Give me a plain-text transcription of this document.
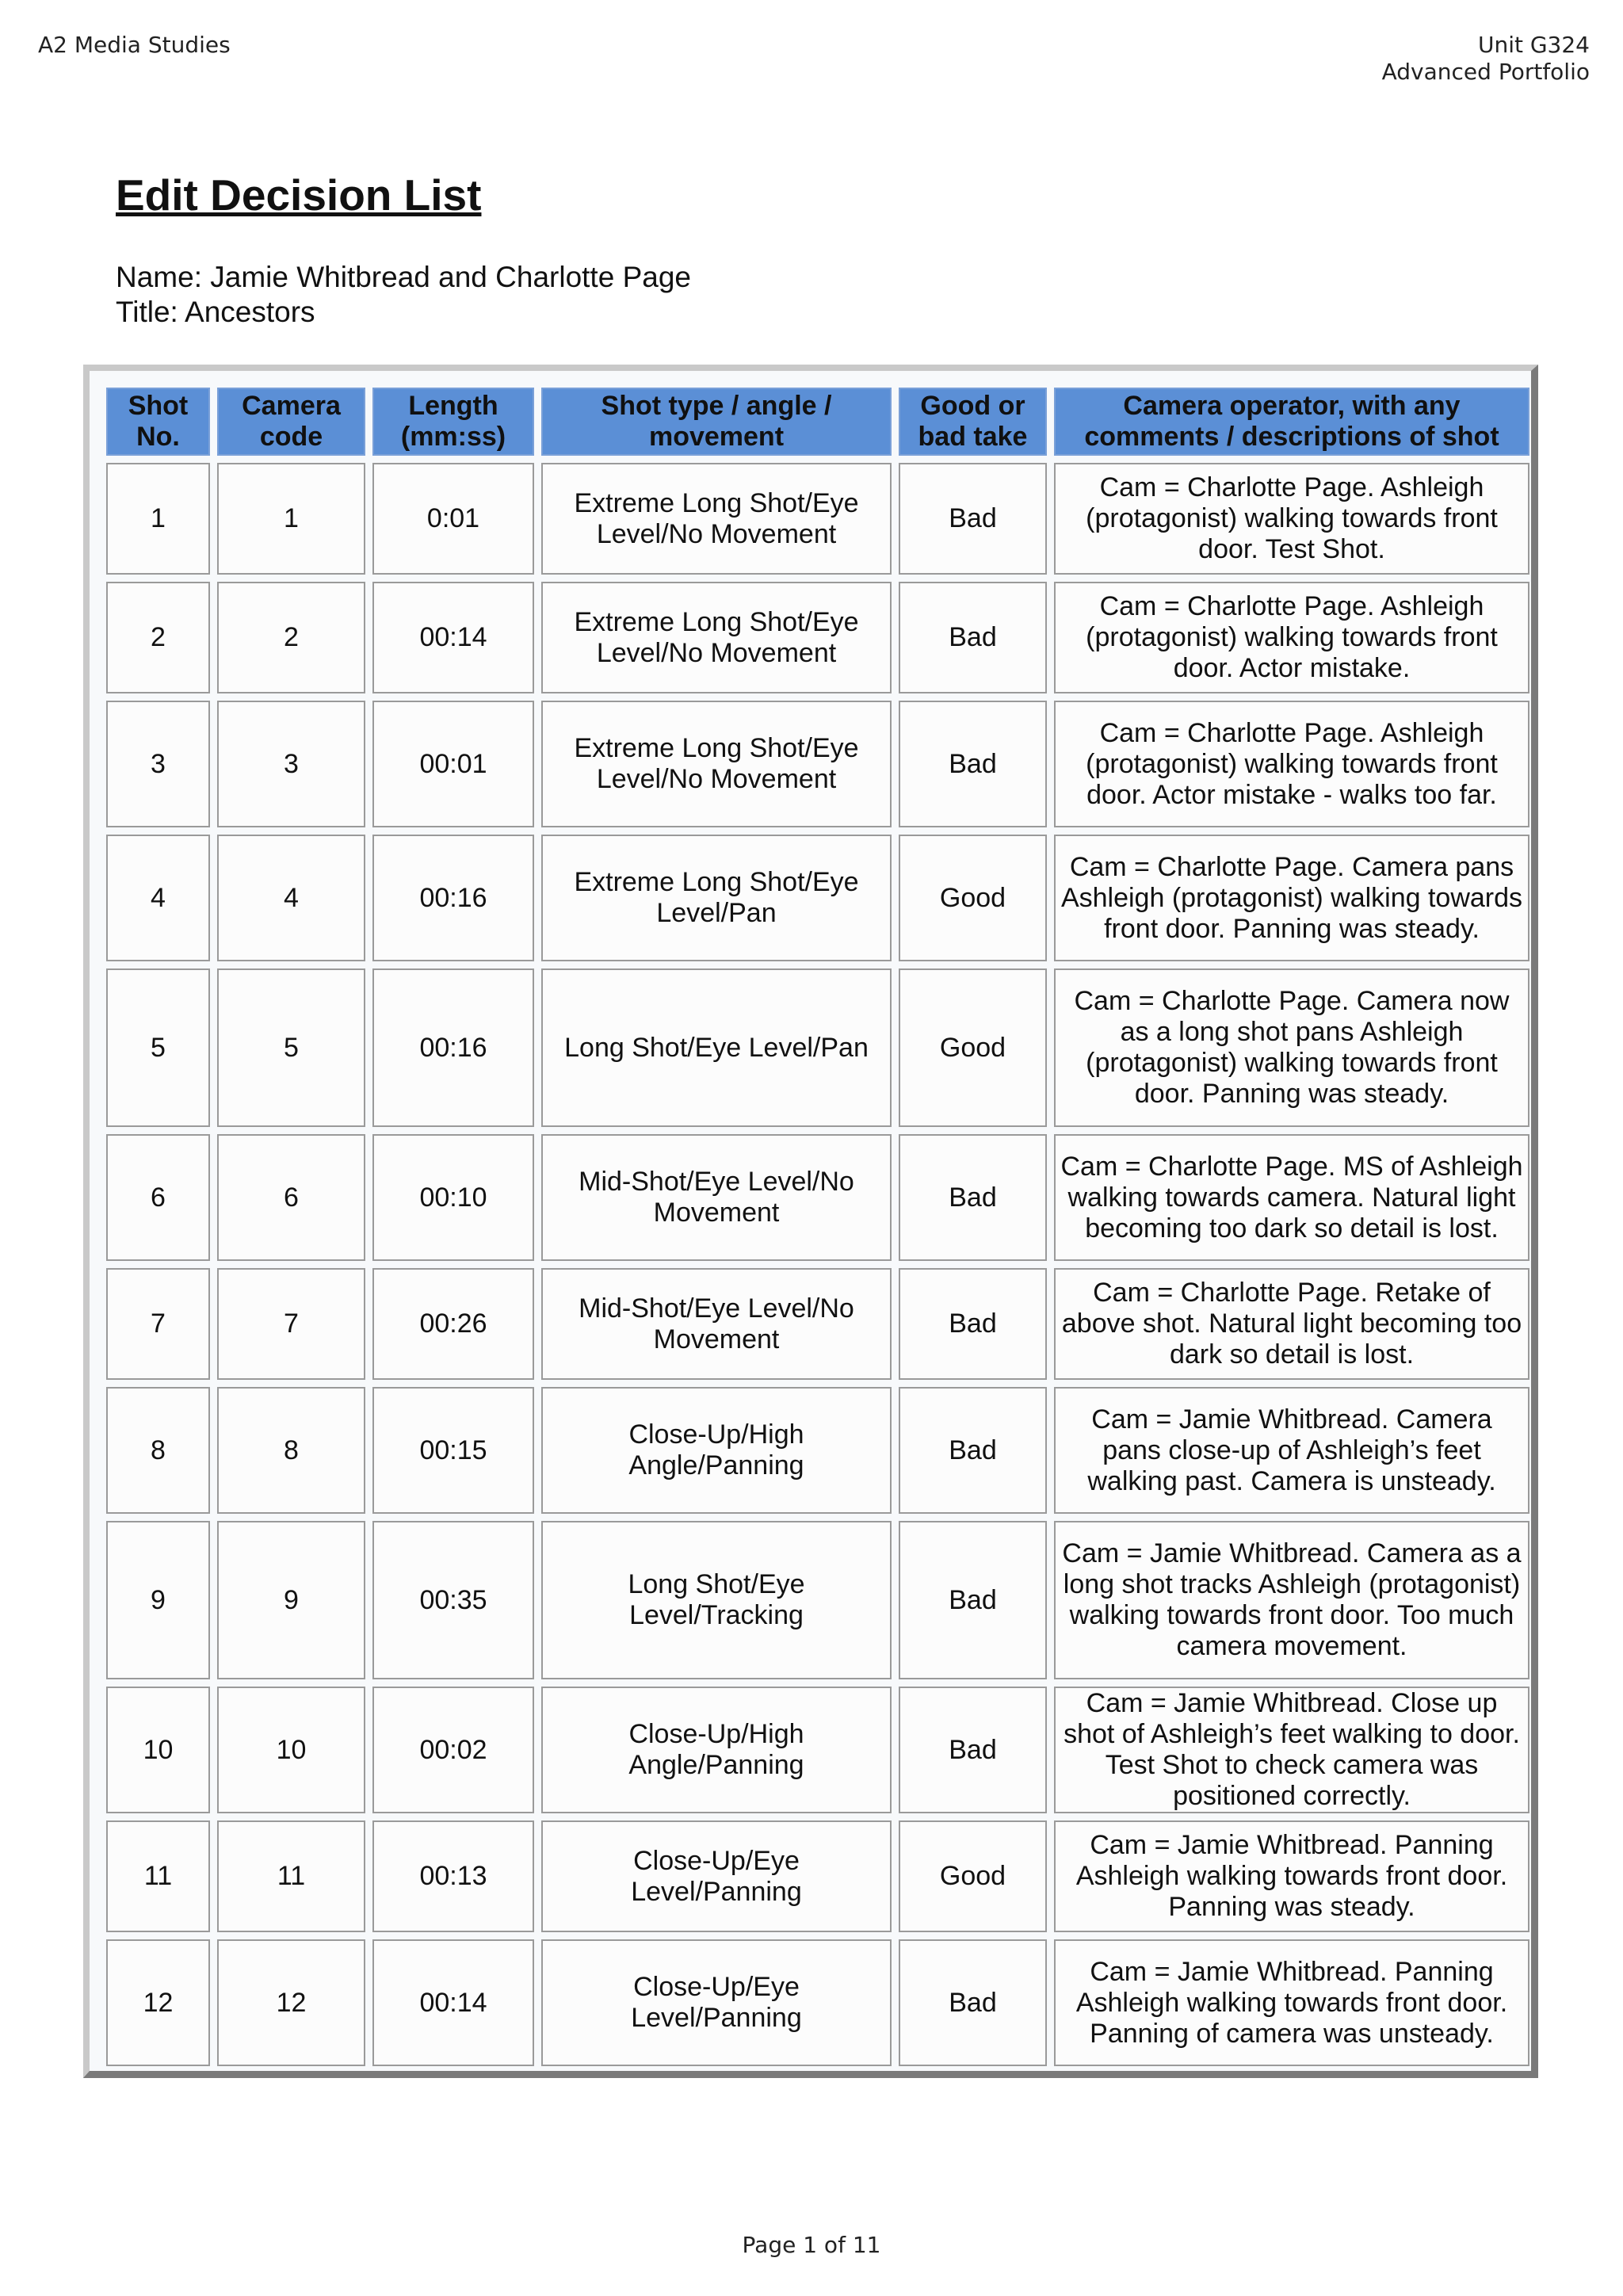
A2 Media Studies	Unit G324
Advanced Portfolio
Edit Decision List
Name: Jamie Whitbread and Charlotte Page
Title: Ancestors
Shot No.	Camera code	Length (mm:ss)	Shot type / angle / movement	Good or bad take	Camera operator, with any comments / descriptions of shot
1	1	0:01	Extreme Long Shot/Eye Level/No Movement	Bad	Cam = Charlotte Page. Ashleigh (protagonist) walking towards front door. Test Shot.
2	2	00:14	Extreme Long Shot/Eye Level/No Movement	Bad	Cam = Charlotte Page. Ashleigh (protagonist) walking towards front door. Actor mistake.
3	3	00:01	Extreme Long Shot/Eye Level/No Movement	Bad	Cam = Charlotte Page. Ashleigh (protagonist) walking towards front door. Actor mistake - walks too far.
4	4	00:16	Extreme Long Shot/Eye Level/Pan	Good	Cam = Charlotte Page. Camera pans Ashleigh (protagonist) walking towards front door. Panning was steady.
5	5	00:16	Long Shot/Eye Level/Pan	Good	Cam = Charlotte Page. Camera now as a long shot pans Ashleigh (protagonist) walking towards front door. Panning was steady.
6	6	00:10	Mid-Shot/Eye Level/No Movement	Bad	Cam = Charlotte Page. MS of Ashleigh walking towards camera. Natural light becoming too dark so detail is lost.
7	7	00:26	Mid-Shot/Eye Level/No Movement	Bad	Cam = Charlotte Page. Retake of above shot. Natural light becoming too dark so detail is lost.
8	8	00:15	Close-Up/High Angle/Panning	Bad	Cam = Jamie Whitbread. Camera pans close-up of Ashleigh’s feet walking past. Camera is unsteady.
9	9	00:35	Long Shot/Eye Level/Tracking	Bad	Cam = Jamie Whitbread. Camera as a long shot tracks Ashleigh (protagonist) walking towards front door. Too much camera movement.
10	10	00:02	Close-Up/High Angle/Panning	Bad	Cam = Jamie Whitbread. Close up shot of Ashleigh’s feet walking to door. Test Shot to check camera was positioned correctly.
11	11	00:13	Close-Up/Eye Level/Panning	Good	Cam = Jamie Whitbread. Panning Ashleigh walking towards front door. Panning was steady.
12	12	00:14	Close-Up/Eye Level/Panning	Bad	Cam = Jamie Whitbread. Panning Ashleigh walking towards front door. Panning of camera was unsteady.
Page 1 of 11
